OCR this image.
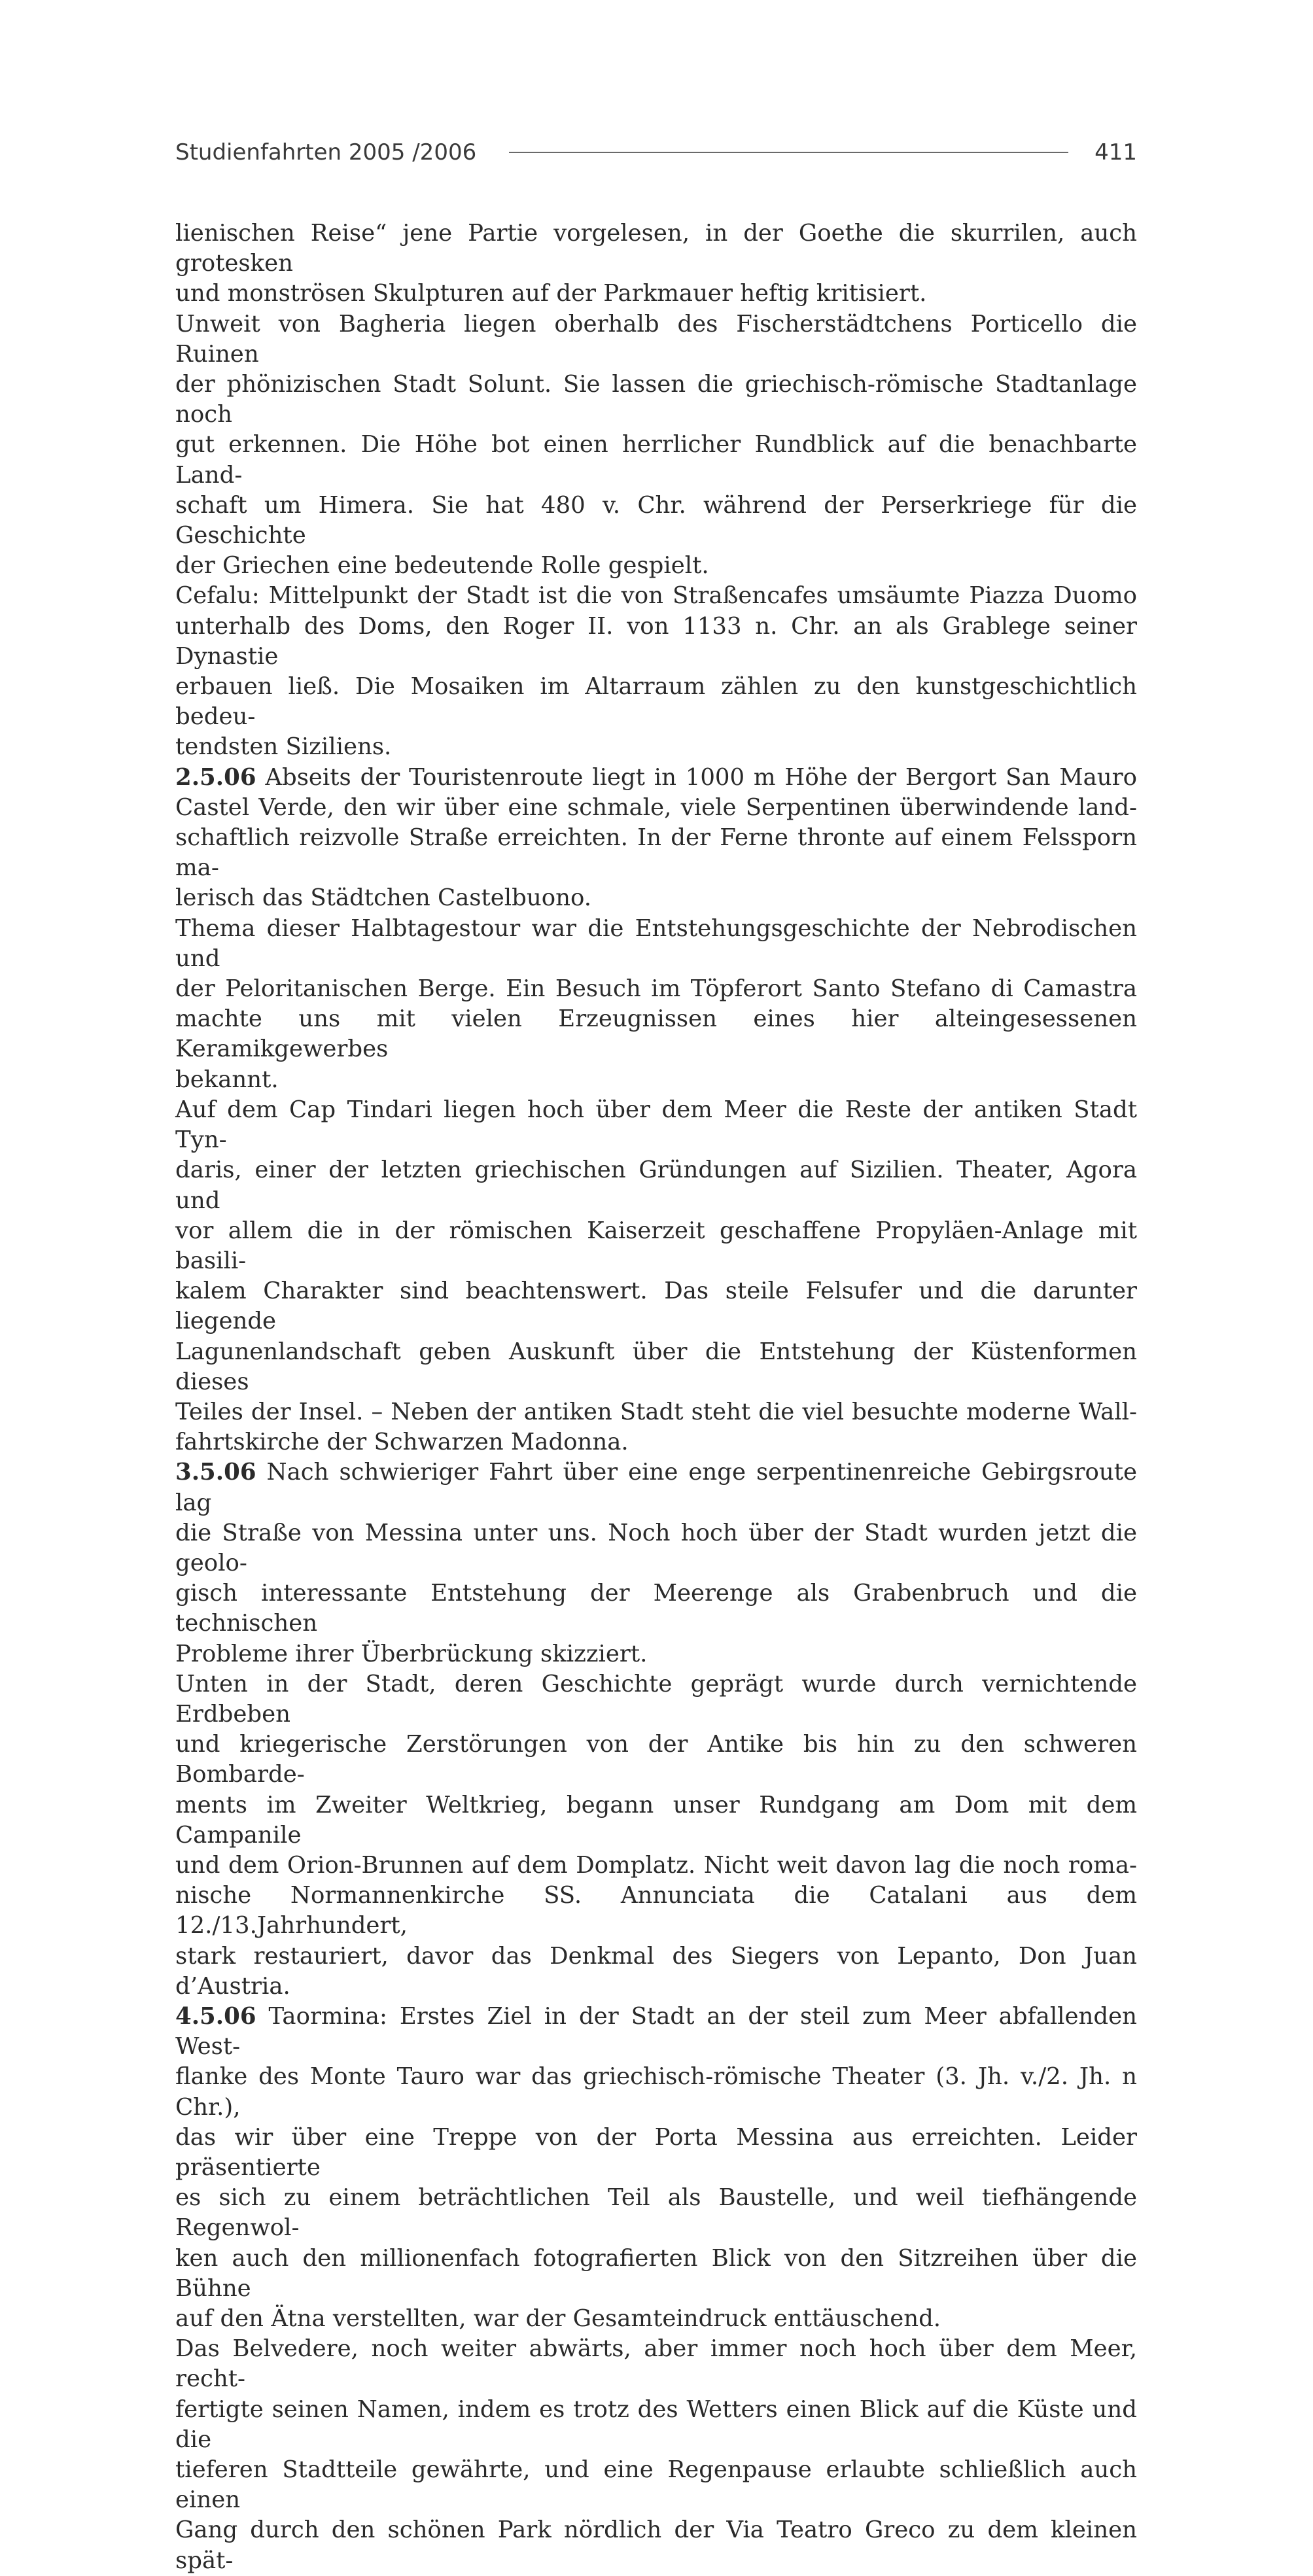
Studienfahrten 2005 /2006	411

lienischen Reise“ jene Partie vorgelesen, in der Goethe die skurrilen, auch grotesken

und monströsen Skulpturen auf der Parkmauer heftig kritisiert.

Unweit von Bagheria liegen oberhalb des Fischerstädtchens Porticello die Ruinen

der phönizischen Stadt Solunt. Sie lassen die griechisch-römische Stadtanlage noch

gut erkennen. Die Höhe bot einen herrlicher Rundblick auf die benachbarte Land-

schaft um Himera. Sie hat 480 v. Chr. während der Perserkriege für die Geschichte

der Griechen eine bedeutende Rolle gespielt.

Cefalu: Mittelpunkt der Stadt ist die von Straßencafes umsäumte Piazza Duomo

unterhalb des Doms, den Roger II. von 1133 n. Chr. an als Grablege seiner Dynastie

erbauen ließ. Die Mosaiken im Altarraum zählen zu den kunstgeschichtlich bedeu-

tendsten Siziliens.

2.5.06 Abseits der Touristenroute liegt in 1000 m Höhe der Bergort San Mauro

Castel Verde, den wir über eine schmale, viele Serpentinen überwindende land-

schaftlich reizvolle Straße erreichten. In der Ferne thronte auf einem Felssporn ma-

lerisch das Städtchen Castelbuono.

Thema dieser Halbtagestour war die Entstehungsgeschichte der Nebrodischen und

der Peloritanischen Berge. Ein Besuch im Töpferort Santo Stefano di Camastra

machte uns mit vielen Erzeugnissen eines hier alteingesessenen Keramikgewerbes

bekannt.

Auf dem Cap Tindari liegen hoch über dem Meer die Reste der antiken Stadt Tyn-

daris, einer der letzten griechischen Gründungen auf Sizilien. Theater, Agora und

vor allem die in der römischen Kaiserzeit geschaffene Propyläen-Anlage mit basili-

kalem Charakter sind beachtenswert. Das steile Felsufer und die darunter liegende

Lagunenlandschaft geben Auskunft über die Entstehung der Küstenformen dieses

Teiles der Insel. – Neben der antiken Stadt steht die viel besuchte moderne Wall-

fahrtskirche der Schwarzen Madonna.

3.5.06 Nach schwieriger Fahrt über eine enge serpentinenreiche Gebirgsroute lag

die Straße von Messina unter uns. Noch hoch über der Stadt wurden jetzt die geolo-

gisch interessante Entstehung der Meerenge als Grabenbruch und die technischen

Probleme ihrer Überbrückung skizziert.

Unten in der Stadt, deren Geschichte geprägt wurde durch vernichtende Erdbeben

und kriegerische Zerstörungen von der Antike bis hin zu den schweren Bombarde-

ments im Zweiter Weltkrieg, begann unser Rundgang am Dom mit dem Campanile

und dem Orion-Brunnen auf dem Domplatz. Nicht weit davon lag die noch roma-

nische Normannenkirche SS. Annunciata die Catalani aus dem 12./13.Jahrhundert,

stark restauriert, davor das Denkmal des Siegers von Lepanto, Don Juan d’Austria.

4.5.06 Taormina: Erstes Ziel in der Stadt an der steil zum Meer abfallenden West-

flanke des Monte Tauro war das griechisch-römische Theater (3. Jh. v./2. Jh. n Chr.),

das wir über eine Treppe von der Porta Messina aus erreichten. Leider präsentierte

es sich zu einem beträchtlichen Teil als Baustelle, und weil tiefhängende Regenwol-

ken auch den millionenfach fotografierten Blick von den Sitzreihen über die Bühne

auf den Ätna verstellten, war der Gesamteindruck enttäuschend.

Das Belvedere, noch weiter abwärts, aber immer noch hoch über dem Meer, recht-

fertigte seinen Namen, indem es trotz des Wetters einen Blick auf die Küste und die

tieferen Stadtteile gewährte, und eine Regenpause erlaubte schließlich auch einen

Gang durch den schönen Park nördlich der Via Teatro Greco zu dem kleinen spät-
